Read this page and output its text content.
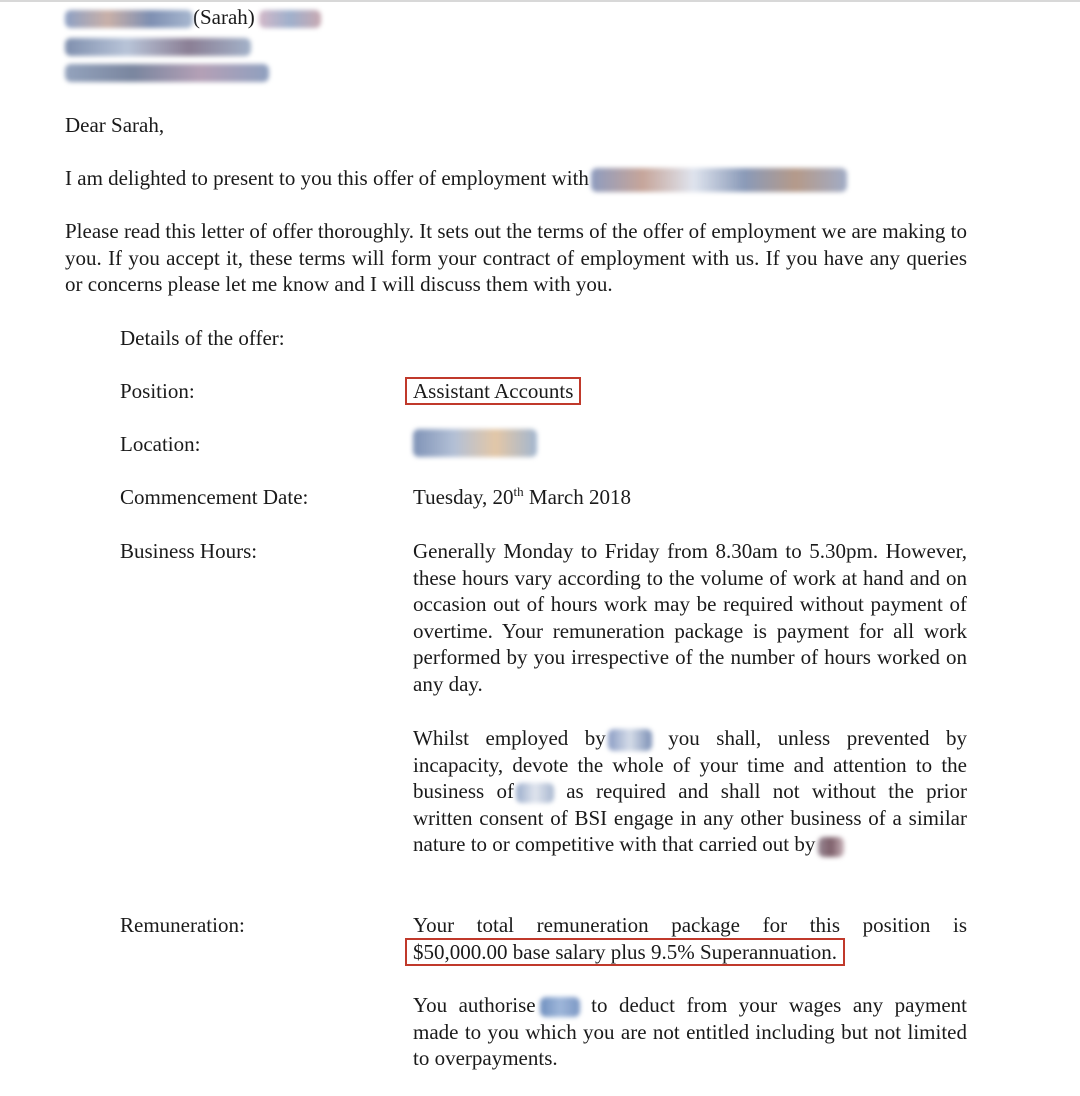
(Sarah)
Dear Sarah,
I am delighted to present to you this offer of employment with
Please read this letter of offer thoroughly. It sets out the terms of the offer of employment we are making to you. If you accept it, these terms will form your contract of employment with us. If you have any queries or concerns please let me know and I will discuss them with you.
Details of the offer:
Position:	Assistant Accounts
Location:
Commencement Date:	Tuesday, 20th March 2018
Business Hours:	Generally Monday to Friday from 8.30am to 5.30pm. However, these hours vary according to the volume of work at hand and on occasion out of hours work may be required without payment of overtime. Your remuneration package is payment for all work performed by you irrespective of the number of hours worked on any day.

Whilst employed by you shall, unless prevented by incapacity, devote the whole of your time and attention to the business of as required and shall not without the prior written consent of BSI engage in any other business of a similar nature to or competitive with that carried out by

Remuneration:	Your total remuneration package for this position is

$50,000.00 base salary plus 9.5% Superannuation.

You authorise to deduct from your wages any payment made to you which you are not entitled including but not limited to overpayments.
